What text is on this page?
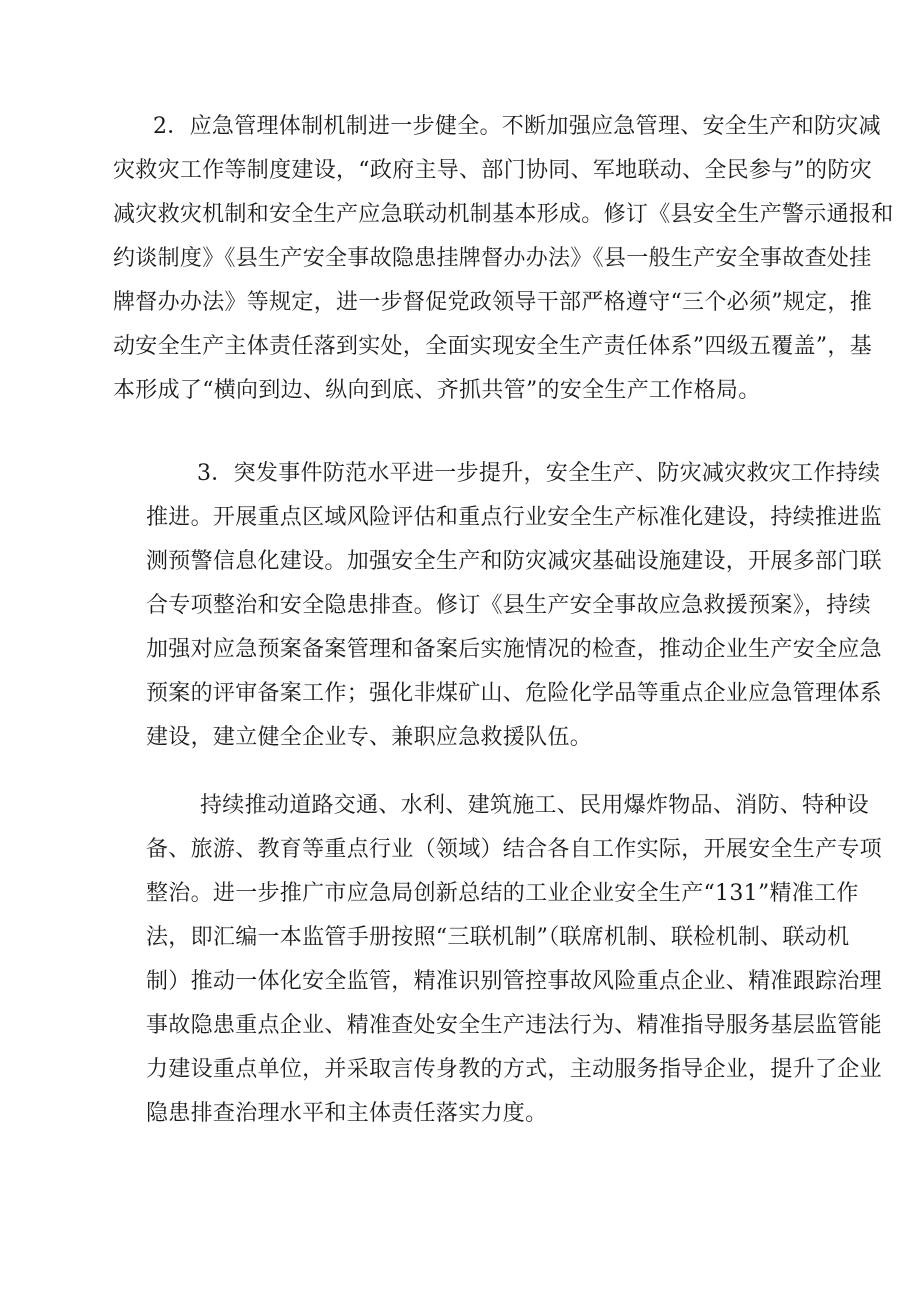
2．应急管理体制机制进一步健全。不断加强应急管理、安全生产和防灾减
灾救灾工作等制度建设，“政府主导、部门协同、军地联动、全民参与”的防灾
减灾救灾机制和安全生产应急联动机制基本形成。修订《县安全生产警示通报和
约谈制度》《县生产安全事故隐患挂牌督办办法》《县一般生产安全事故查处挂
牌督办办法》等规定，进一步督促党政领导干部严格遵守“三个必须”规定，推
动安全生产主体责任落到实处，全面实现安全生产责任体系”四级五覆盖”，基
本形成了“横向到边、纵向到底、齐抓共管”的安全生产工作格局。
3．突发事件防范水平进一步提升，安全生产、防灾减灾救灾工作持续
推进。开展重点区域风险评估和重点行业安全生产标准化建设，持续推进监
测预警信息化建设。加强安全生产和防灾减灾基础设施建设，开展多部门联
合专项整治和安全隐患排查。修订《县生产安全事故应急救援预案》，持续
加强对应急预案备案管理和备案后实施情况的检查，推动企业生产安全应急
预案的评审备案工作；强化非煤矿山、危险化学品等重点企业应急管理体系
建设，建立健全企业专、兼职应急救援队伍。
持续推动道路交通、水利、建筑施工、民用爆炸物品、消防、特种设
备、旅游、教育等重点行业（领域）结合各自工作实际，开展安全生产专项
整治。进一步推广市应急局创新总结的工业企业安全生产“131”精准工作
法，即汇编一本监管手册按照“三联机制”（联席机制、联检机制、联动机
制）推动一体化安全监管，精准识别管控事故风险重点企业、精准跟踪治理
事故隐患重点企业、精准查处安全生产违法行为、精准指导服务基层监管能
力建设重点单位，并采取言传身教的方式，主动服务指导企业，提升了企业
隐患排查治理水平和主体责任落实力度。
